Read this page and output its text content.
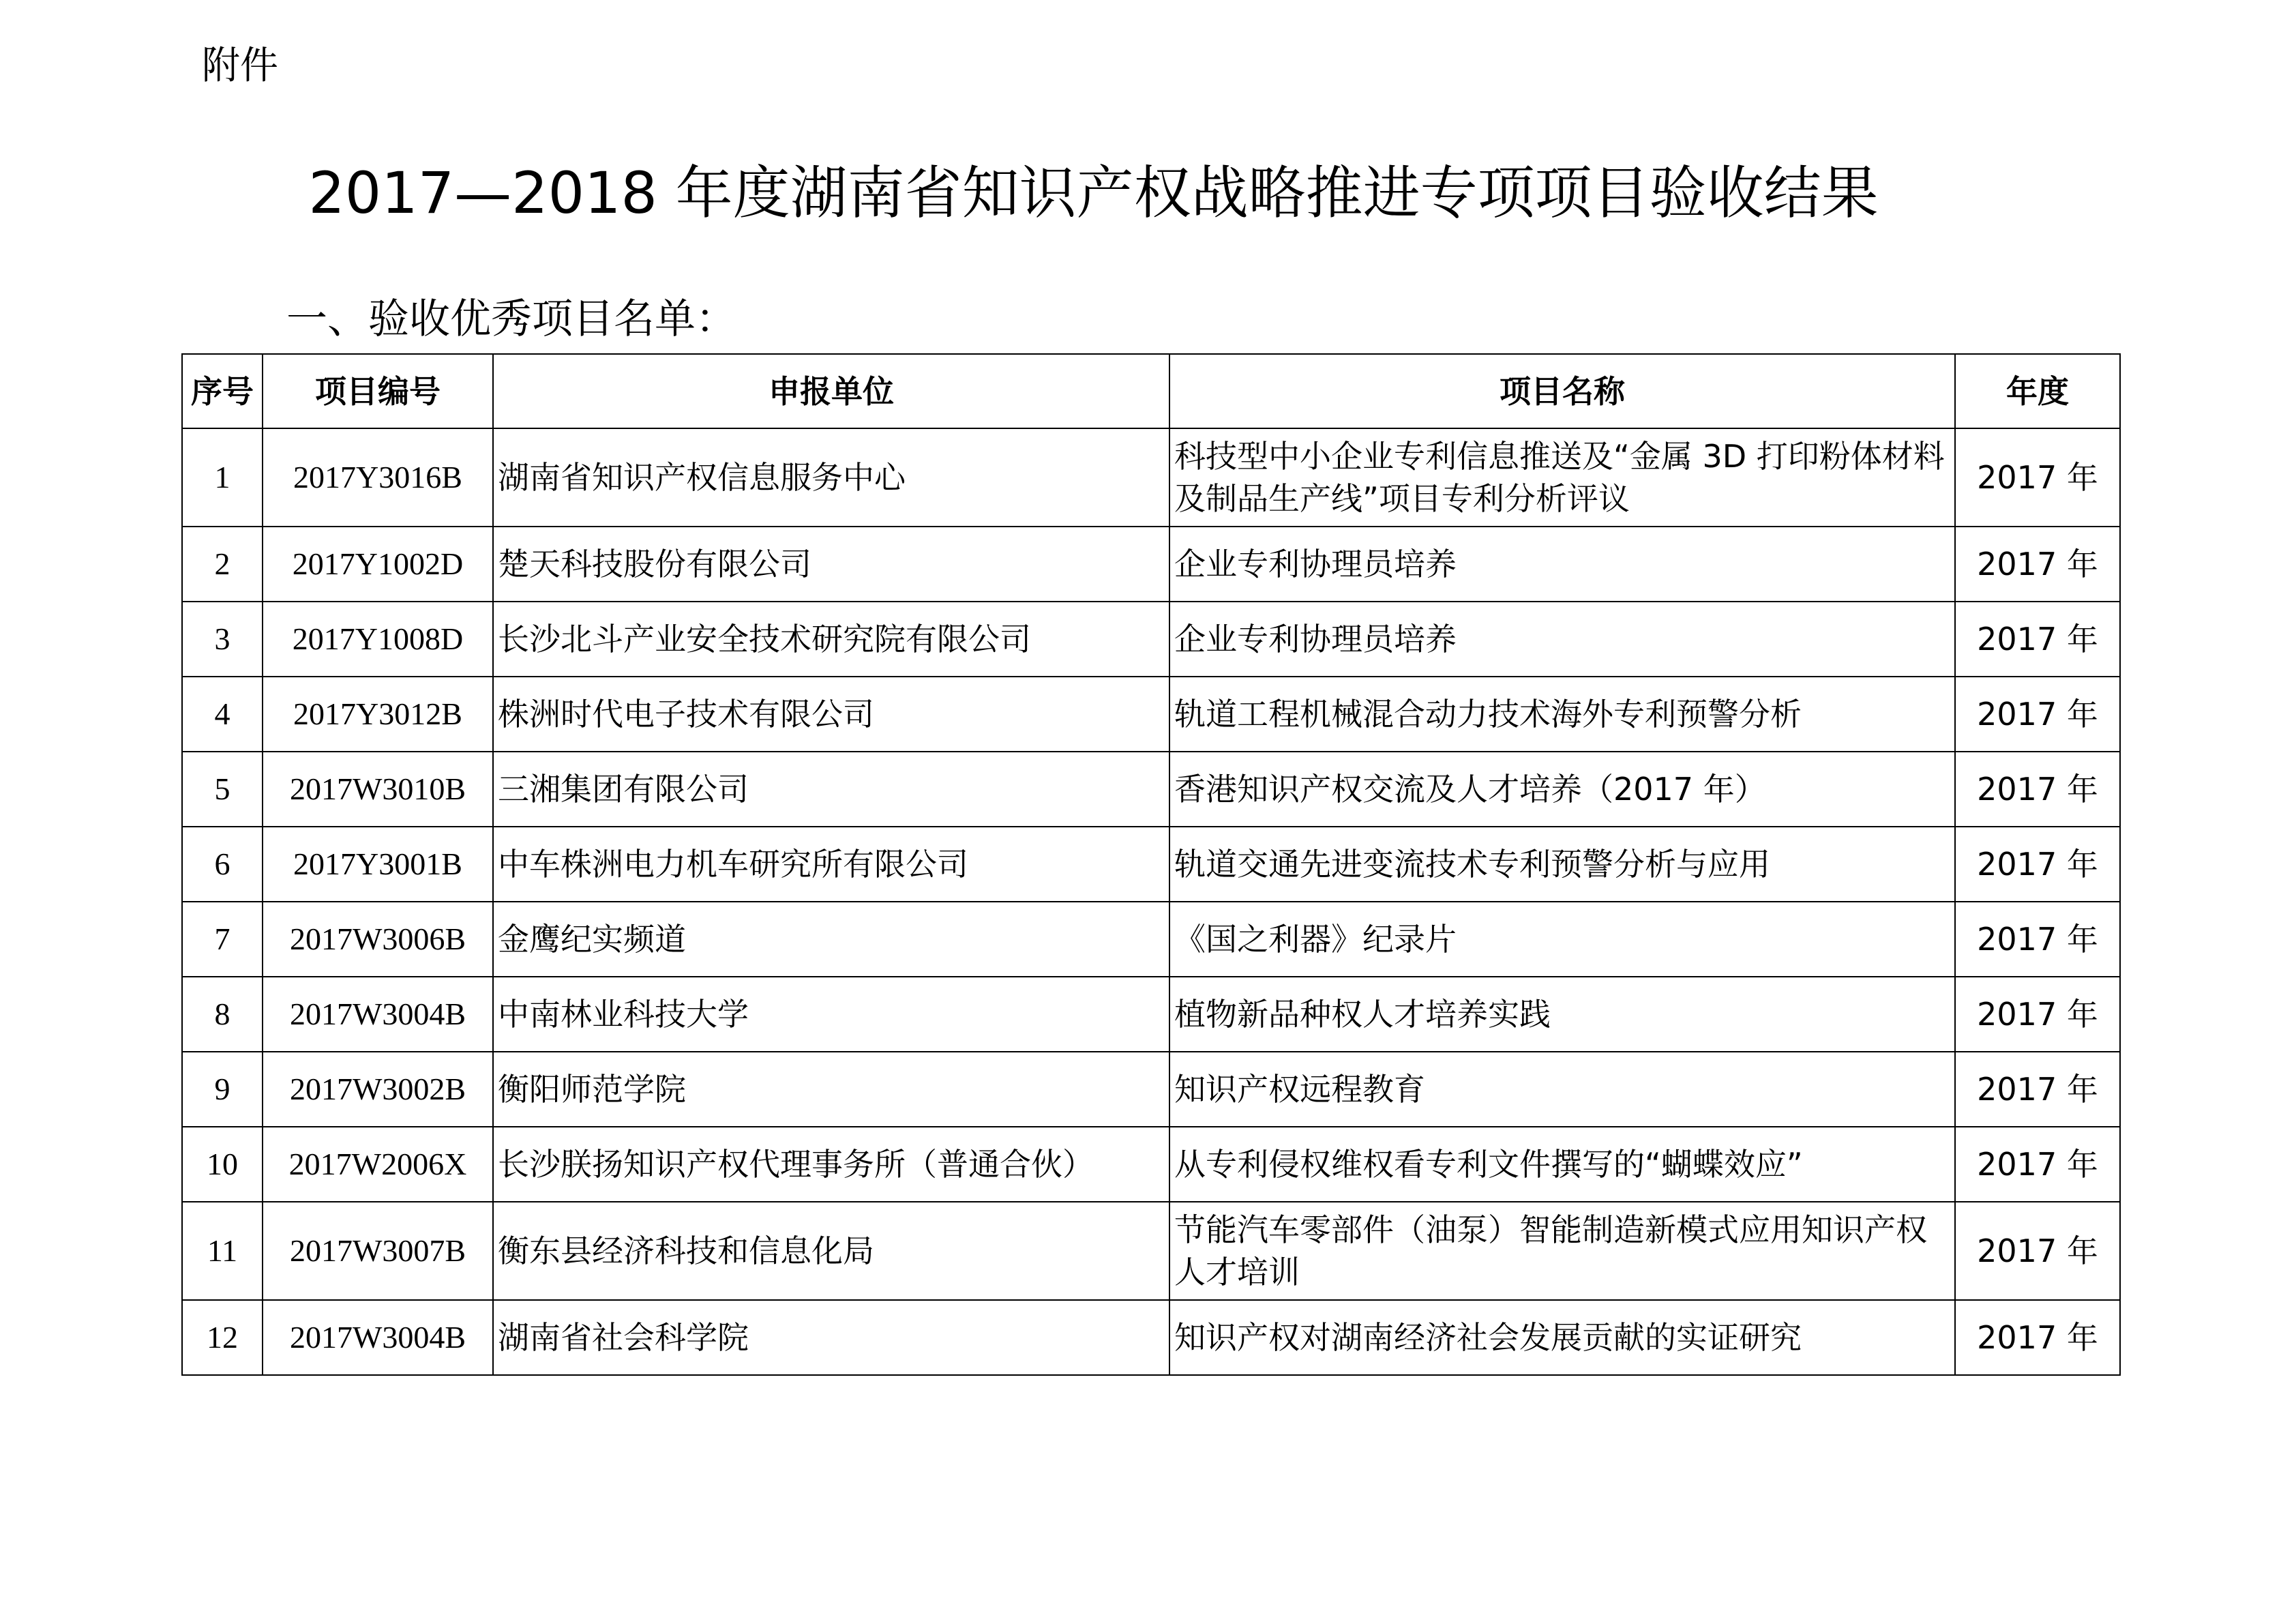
附件
2017—2018 年度湖南省知识产权战略推进专项项目验收结果
一、验收优秀项目名单：
序号	项目编号	申报单位	项目名称	年度
1	2017Y3016B	湖南省知识产权信息服务中心	科技型中小企业专利信息推送及“金属 3D 打印粉体材料及制品生产线”项目专利分析评议	2017 年
2	2017Y1002D	楚天科技股份有限公司	企业专利协理员培养	2017 年
3	2017Y1008D	长沙北斗产业安全技术研究院有限公司	企业专利协理员培养	2017 年
4	2017Y3012B	株洲时代电子技术有限公司	轨道工程机械混合动力技术海外专利预警分析	2017 年
5	2017W3010B	三湘集团有限公司	香港知识产权交流及人才培养（2017 年）	2017 年
6	2017Y3001B	中车株洲电力机车研究所有限公司	轨道交通先进变流技术专利预警分析与应用	2017 年
7	2017W3006B	金鹰纪实频道	《国之利器》纪录片	2017 年
8	2017W3004B	中南林业科技大学	植物新品种权人才培养实践	2017 年
9	2017W3002B	衡阳师范学院	知识产权远程教育	2017 年
10	2017W2006X	长沙朕扬知识产权代理事务所（普通合伙）	从专利侵权维权看专利文件撰写的“蝴蝶效应”	2017 年
11	2017W3007B	衡东县经济科技和信息化局	节能汽车零部件（油泵）智能制造新模式应用知识产权人才培训	2017 年
12	2017W3004B	湖南省社会科学院	知识产权对湖南经济社会发展贡献的实证研究	2017 年
